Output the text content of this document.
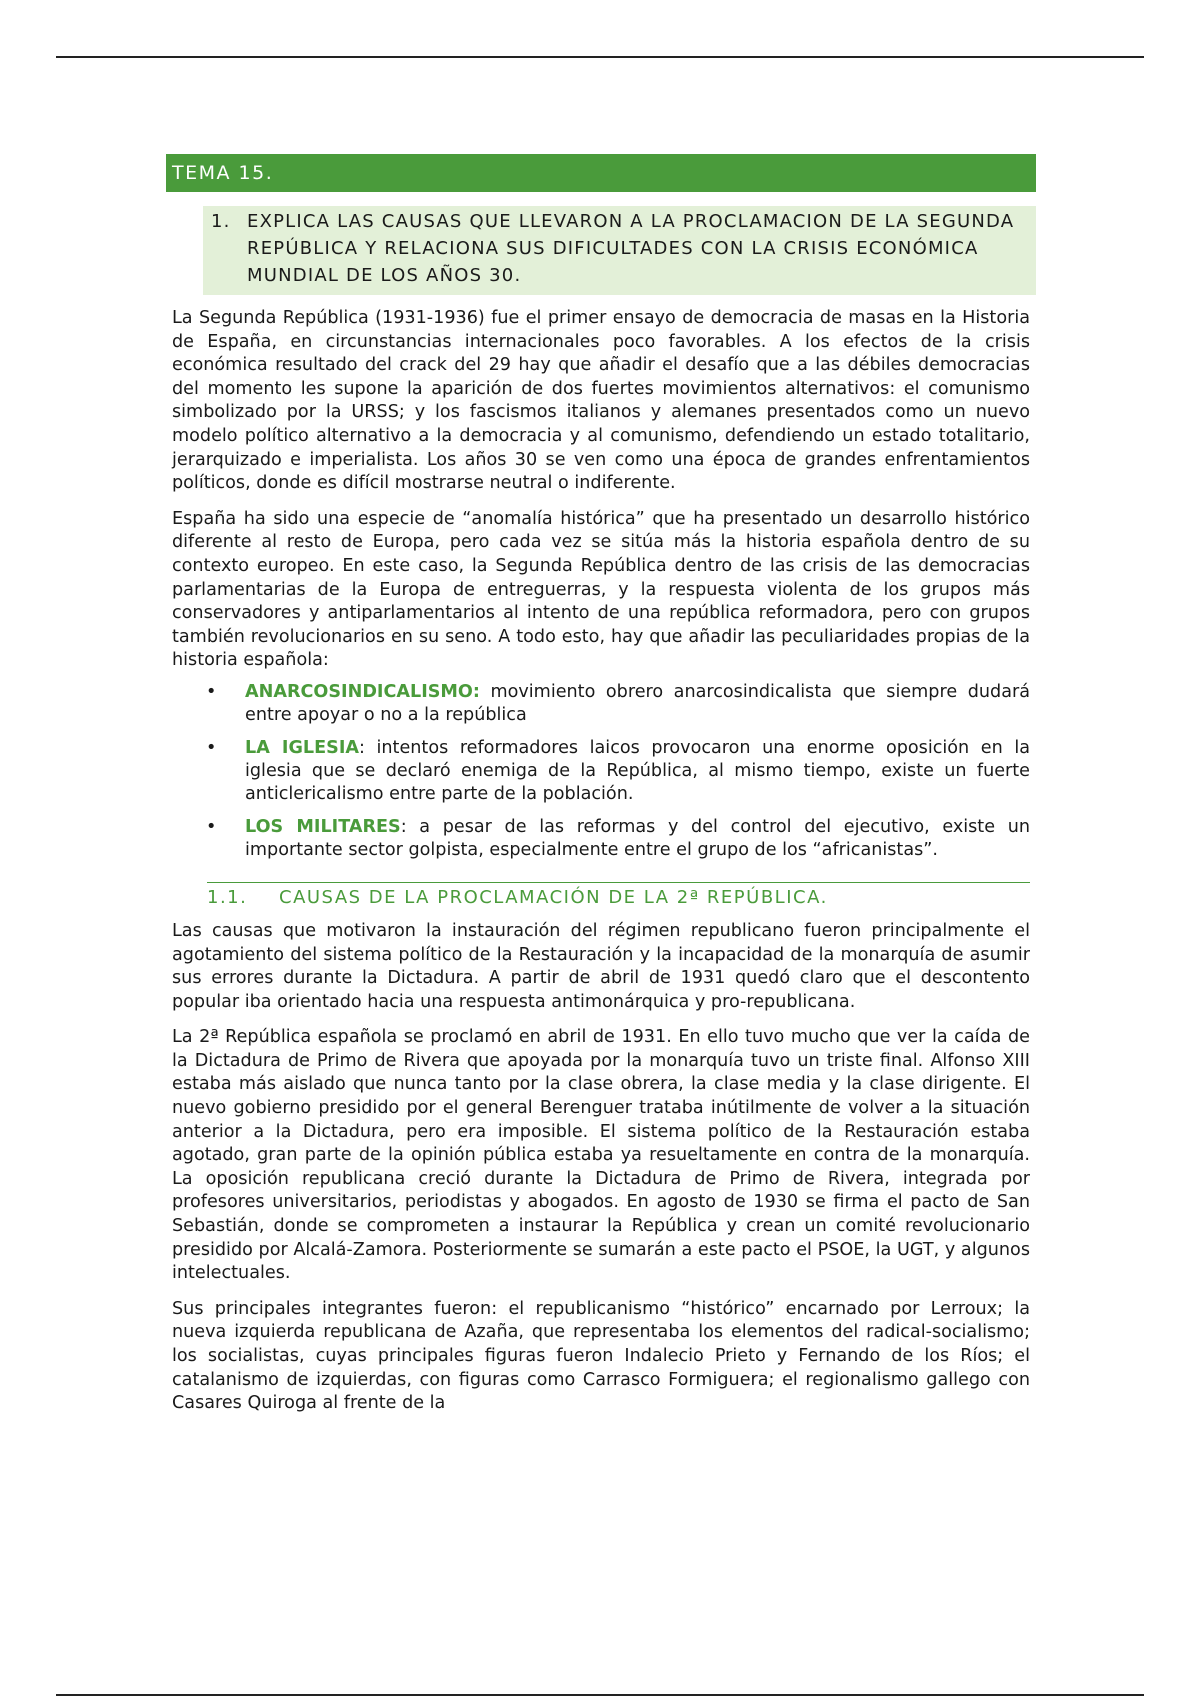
TEMA 15.
1. EXPLICA LAS CAUSAS QUE LLEVARON A LA PROCLAMACION DE LA SEGUNDA REPÚBLICA Y RELACIONA SUS DIFICULTADES CON LA CRISIS ECONÓMICA MUNDIAL DE LOS AÑOS 30.

La Segunda República (1931-1936) fue el primer ensayo de democracia de masas en la Historia de España, en circunstancias internacionales poco favorables. A los efectos de la crisis económica resultado del crack del 29 hay que añadir el desafío que a las débiles democracias del momento les supone la aparición de dos fuertes movimientos alternativos: el comunismo simbolizado por la URSS; y los fascismos italianos y alemanes presentados como un nuevo modelo político alternativo a la democracia y al comunismo, defendiendo un estado totalitario, jerarquizado e imperialista. Los años 30 se ven como una época de grandes enfrentamientos políticos, donde es difícil mostrarse neutral o indiferente.

España ha sido una especie de “anomalía histórica” que ha presentado un desarrollo histórico diferente al resto de Europa, pero cada vez se sitúa más la historia española dentro de su contexto europeo. En este caso, la Segunda República dentro de las crisis de las democracias parlamentarias de la Europa de entreguerras, y la respuesta violenta de los grupos más conservadores y antiparlamentarios al intento de una república reformadora, pero con grupos también revolucionarios en su seno. A todo esto, hay que añadir las peculiaridades propias de la historia española:

• ANARCOSINDICALISMO: movimiento obrero anarcosindicalista que siempre dudará entre apoyar o no a la república
• LA IGLESIA: intentos reformadores laicos provocaron una enorme oposición en la iglesia que se declaró enemiga de la República, al mismo tiempo, existe un fuerte anticlericalismo entre parte de la población.
• LOS MILITARES: a pesar de las reformas y del control del ejecutivo, existe un importante sector golpista, especialmente entre el grupo de los “africanistas”.
1.1.	CAUSAS DE LA PROCLAMACIÓN DE LA 2ª REPÚBLICA.

Las causas que motivaron la instauración del régimen republicano fueron principalmente el agotamiento del sistema político de la Restauración y la incapacidad de la monarquía de asumir sus errores durante la Dictadura. A partir de abril de 1931 quedó claro que el descontento popular iba orientado hacia una respuesta antimonárquica y pro-republicana.

La 2ª República española se proclamó en abril de 1931. En ello tuvo mucho que ver la caída de la Dictadura de Primo de Rivera que apoyada por la monarquía tuvo un triste final. Alfonso XIII estaba más aislado que nunca tanto por la clase obrera, la clase media y la clase dirigente. El nuevo gobierno presidido por el general Berenguer trataba inútilmente de volver a la situación anterior a la Dictadura, pero era imposible. El sistema político de la Restauración estaba agotado, gran parte de la opinión pública estaba ya resueltamente en contra de la monarquía. La oposición republicana creció durante la Dictadura de Primo de Rivera, integrada por profesores universitarios, periodistas y abogados. En agosto de 1930 se firma el pacto de San Sebastián, donde se comprometen a instaurar la República y crean un comité revolucionario presidido por Alcalá-Zamora. Posteriormente se sumarán a este pacto el PSOE, la UGT, y algunos intelectuales.

Sus principales integrantes fueron: el republicanismo “histórico” encarnado por Lerroux; la nueva izquierda republicana de Azaña, que representaba los elementos del radical-socialismo; los socialistas, cuyas principales figuras fueron Indalecio Prieto y Fernando de los Ríos; el catalanismo de izquierdas, con figuras como Carrasco Formiguera; el regionalismo gallego con Casares Quiroga al frente de la
